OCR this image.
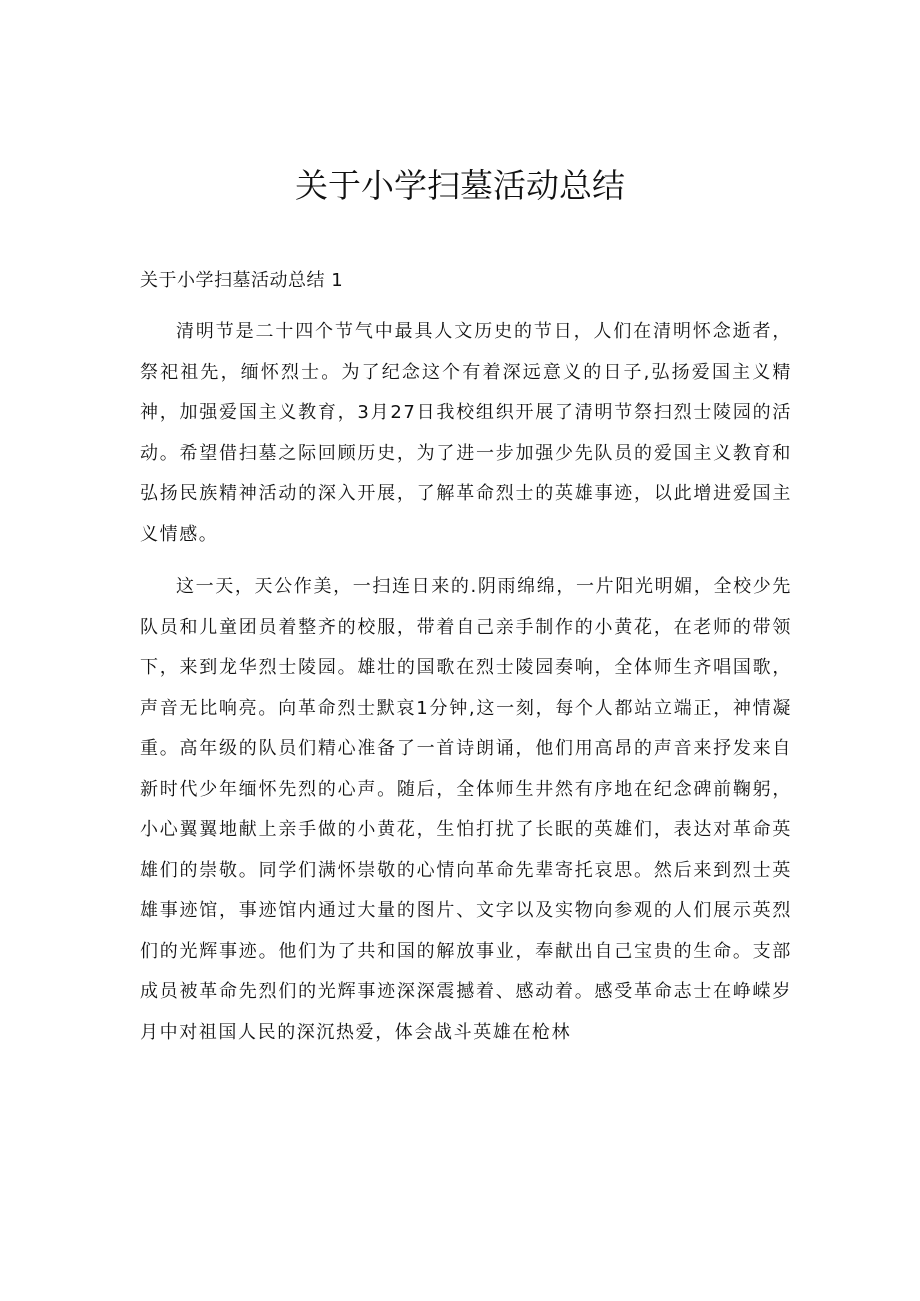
关于小学扫墓活动总结

关于小学扫墓活动总结 1

清明节是二十四个节气中最具人文历史的节日，人们在清明怀念逝者，祭祀祖先，缅怀烈士。为了纪念这个有着深远意义的日子,弘扬爱国主义精神，加强爱国主义教育，3月27日我校组织开展了清明节祭扫烈士陵园的活动。希望借扫墓之际回顾历史，为了进一步加强少先队员的爱国主义教育和弘扬民族精神活动的深入开展，了解革命烈士的英雄事迹，以此增进爱国主义情感。

这一天，天公作美，一扫连日来的.阴雨绵绵，一片阳光明媚，全校少先队员和儿童团员着整齐的校服，带着自己亲手制作的小黄花，在老师的带领下，来到龙华烈士陵园。雄壮的国歌在烈士陵园奏响，全体师生齐唱国歌，声音无比响亮。向革命烈士默哀1分钟,这一刻，每个人都站立端正，神情凝重。高年级的队员们精心准备了一首诗朗诵，他们用高昂的声音来抒发来自新时代少年缅怀先烈的心声。随后，全体师生井然有序地在纪念碑前鞠躬，小心翼翼地献上亲手做的小黄花，生怕打扰了长眠的英雄们，表达对革命英雄们的崇敬。同学们满怀崇敬的心情向革命先辈寄托哀思。然后来到烈士英雄事迹馆，事迹馆内通过大量的图片、文字以及实物向参观的人们展示英烈们的光辉事迹。他们为了共和国的解放事业，奉献出自己宝贵的生命。支部成员被革命先烈们的光辉事迹深深震撼着、感动着。感受革命志士在峥嵘岁月中对祖国人民的深沉热爱，体会战斗英雄在枪林
